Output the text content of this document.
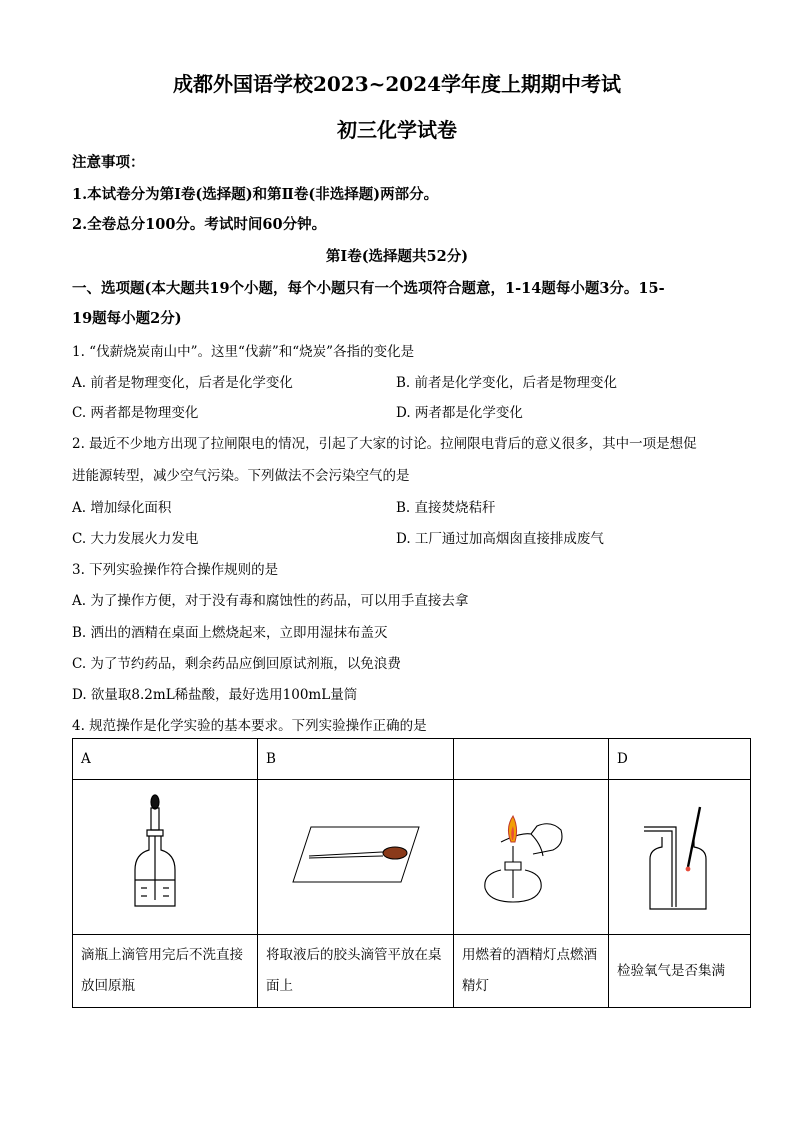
成都外国语学校2023~2024学年度上期期中考试
初三化学试卷
注意事项：
1.本试卷分为第Ⅰ卷(选择题)和第Ⅱ卷(非选择题)两部分。
2.全卷总分100分。考试时间60分钟。
第Ⅰ卷(选择题共52分)
一、选项题(本大题共19个小题，每个小题只有一个选项符合题意，1-14题每小题3分。15-
19题每小题2分)
1. “伐薪烧炭南山中”。这里“伐薪”和“烧炭”各指的变化是
A. 前者是物理变化，后者是化学变化	B. 前者是化学变化，后者是物理变化
C. 两者都是物理变化	D. 两者都是化学变化
2. 最近不少地方出现了拉闸限电的情况，引起了大家的讨论。拉闸限电背后的意义很多，其中一项是想促
进能源转型，减少空气污染。下列做法不会污染空气的是
A. 增加绿化面积	B. 直接焚烧秸秆
C. 大力发展火力发电	D. 工厂通过加高烟囱直接排成废气
3. 下列实验操作符合操作规则的是
A. 为了操作方便，对于没有毒和腐蚀性的药品，可以用手直接去拿
B. 洒出的酒精在桌面上燃烧起来，立即用湿抹布盖灭
C. 为了节约药品，剩余药品应倒回原试剂瓶，以免浪费
D. 欲量取8.2mL稀盐酸，最好选用100mL量筒
4. 规范操作是化学实验的基本要求。下列实验操作正确的是
A	B		D

滴瓶上滴管用完后不洗直接放回原瓶	将取液后的胶头滴管平放在桌面上	用燃着的酒精灯点燃酒精灯	检验氧气是否集满
